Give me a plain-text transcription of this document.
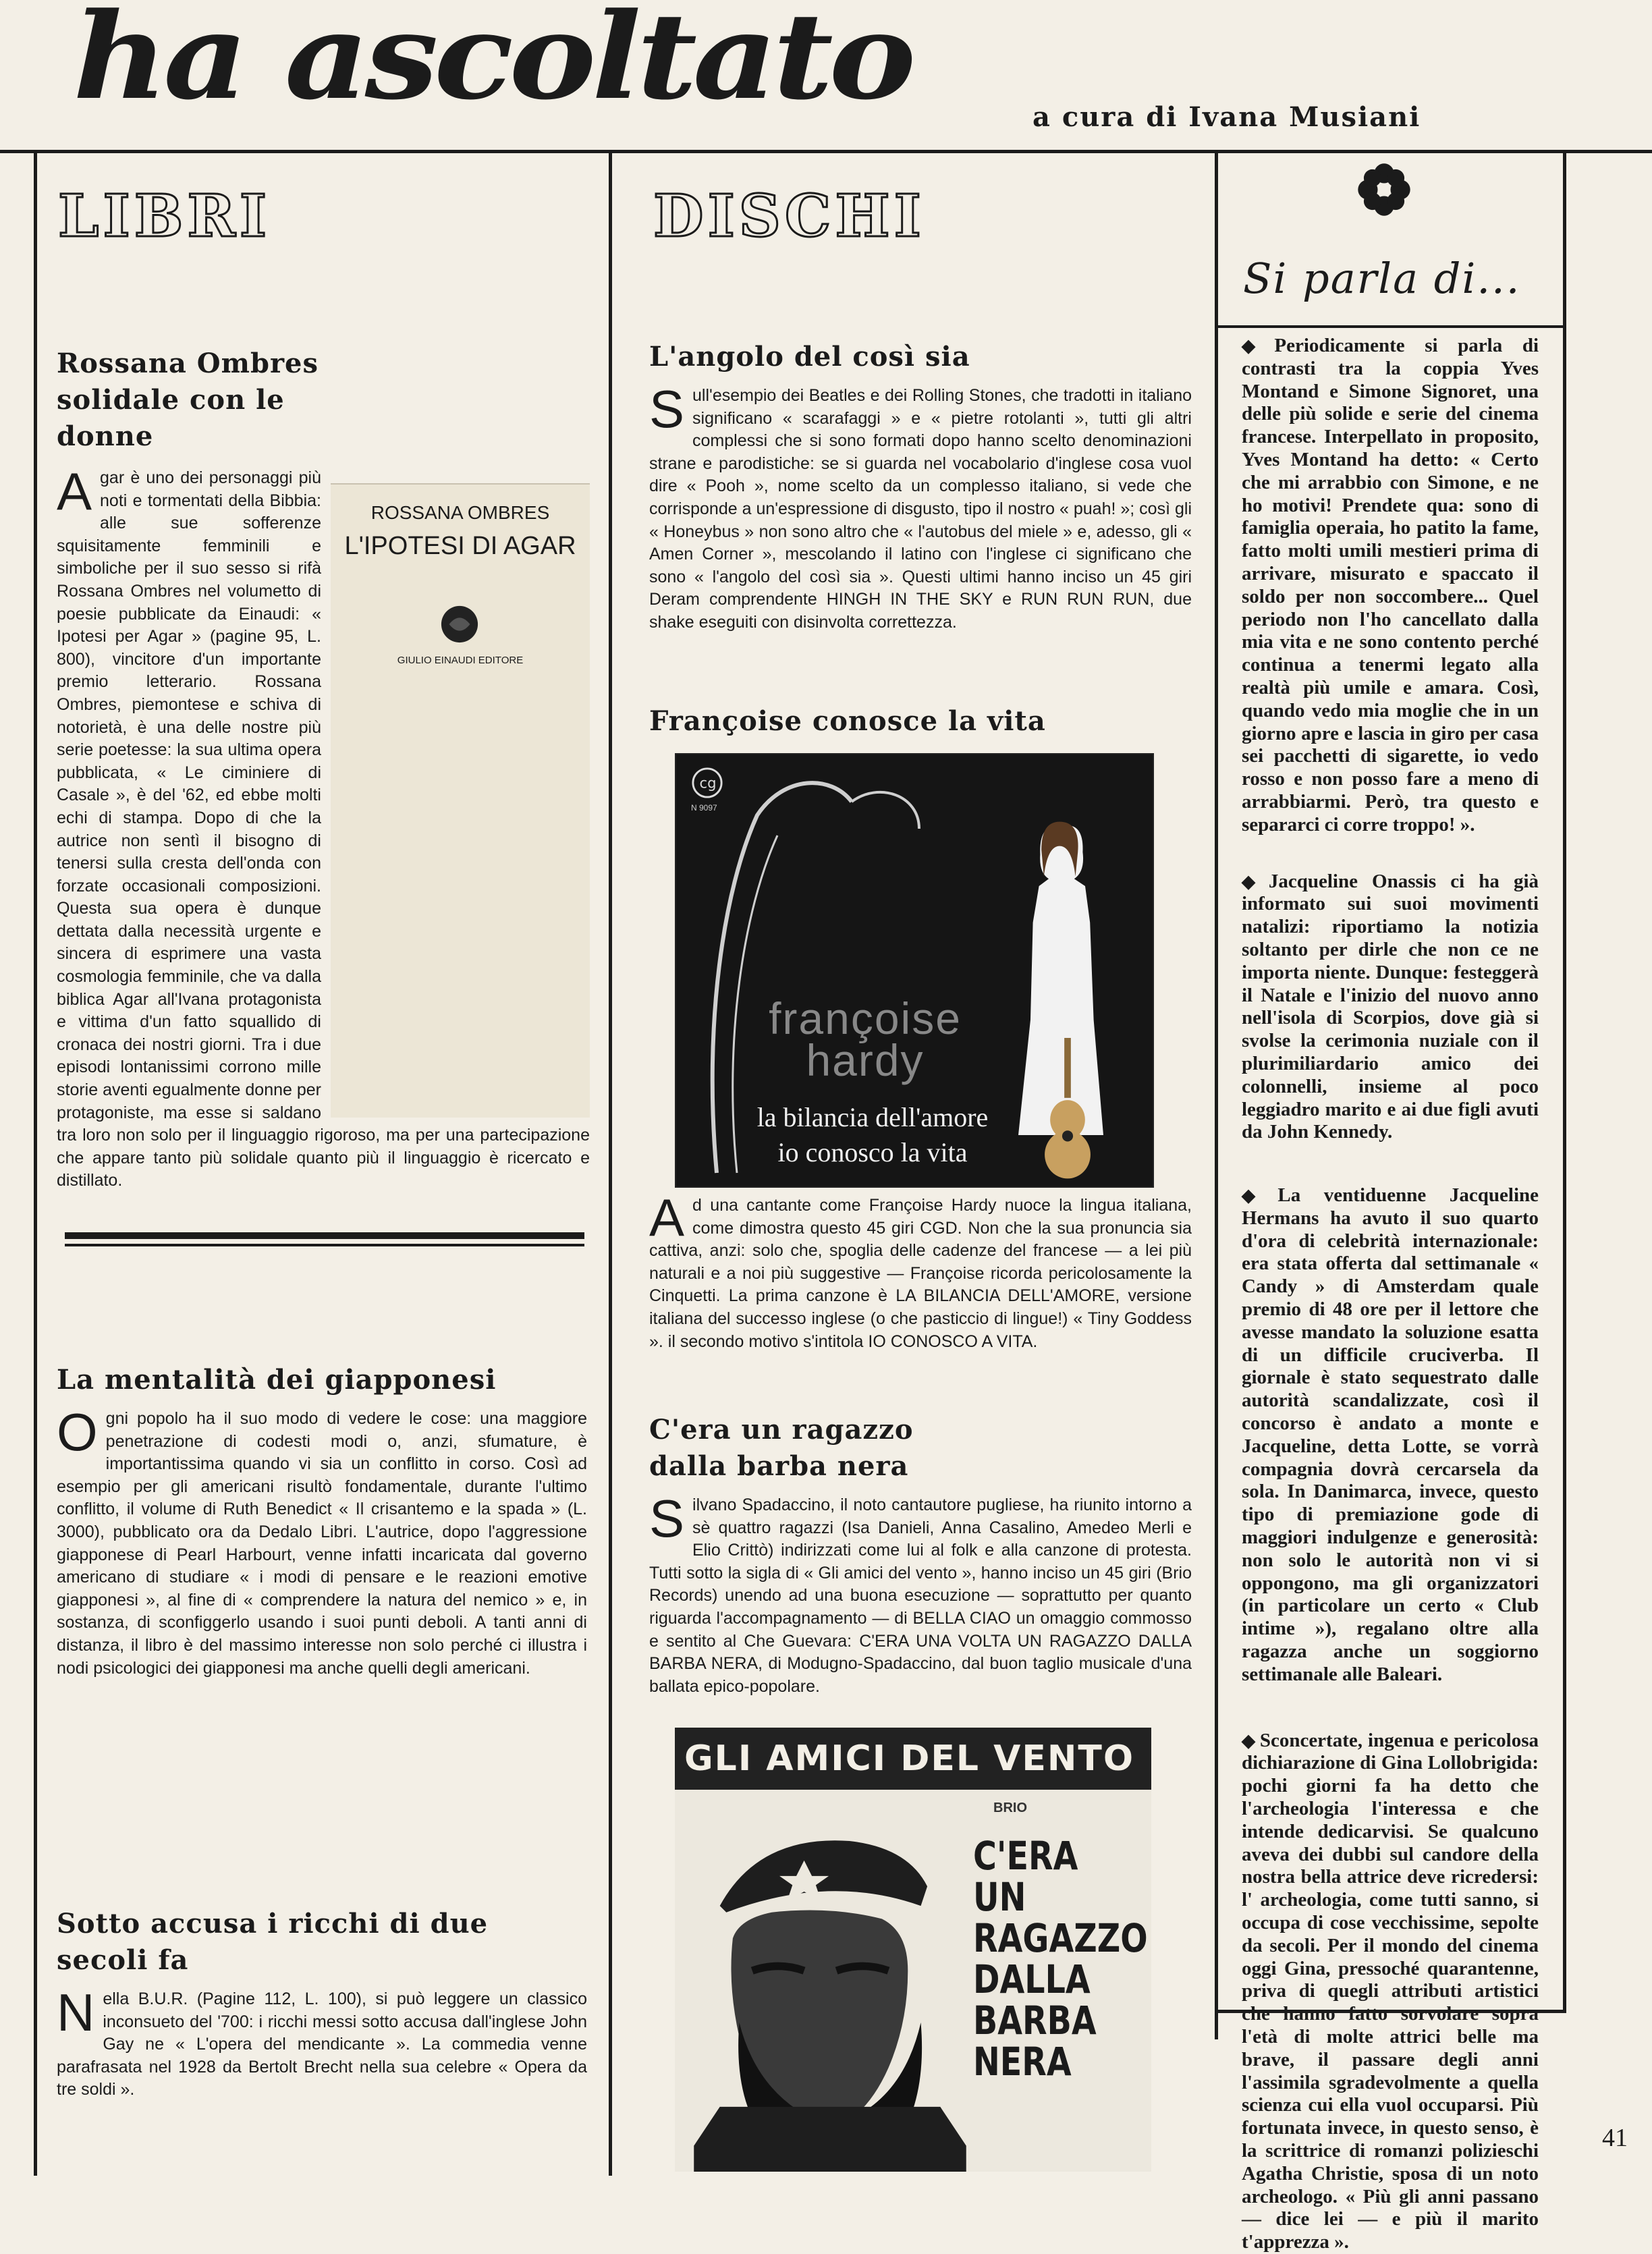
ha ascoltato	a cura di Ivana Musiani
LIBRI	DISCHI
Si parla di...
Rossana Ombres solidale con le donne
ROSSANA OMBRES
L'IPOTESI DI AGAR
GIULIO EINAUDI EDITORE
A gar è uno dei personaggi più noti e tormentati della Bibbia: alle sue sofferenze squisitamente femminili e simboliche per il suo sesso si rifà Rossana Ombres nel volumetto di poesie pubblicate da Einaudi: « Ipotesi per Agar » (pagine 95, L. 800), vincitore d'un importante premio letterario. Rossana Ombres, piemontese e schiva di notorietà, è una delle nostre più serie poetesse: la sua ultima opera pubblicata, « Le ciminiere di Casale », è del '62, ed ebbe molti echi di stampa. Dopo di che la autrice non sentì il bisogno di tenersi sulla cresta dell'onda con forzate occasionali composizioni. Questa sua opera è dunque dettata dalla necessità urgente e sincera di esprimere una vasta cosmologia femminile, che va dalla biblica Agar all'Ivana protagonista e vittima d'un fatto squallido di cronaca dei nostri giorni. Tra i due episodi lontanissimi corrono mille storie aventi egualmente donne per protagoniste, ma esse si saldano tra loro non solo per il linguaggio rigoroso, ma per una partecipazione che appare tanto più solidale quanto più il linguaggio è ricercato e distillato.

La mentalità dei giapponesi
O gni popolo ha il suo modo di vedere le cose: una maggiore penetrazione di codesti modi o, anzi, sfumature, è importantissima quando vi sia un conflitto in corso. Così ad esempio per gli americani risultò fondamentale, durante l'ultimo conflitto, il volume di Ruth Benedict « Il crisantemo e la spada » (L. 3000), pubblicato ora da Dedalo Libri. L'autrice, dopo l'aggressione giapponese di Pearl Harbourt, venne infatti incaricata dal governo americano di studiare « i modi di pensare e le reazioni emotive giapponesi », al fine di « comprendere la natura del nemico » e, in sostanza, di sconfiggerlo usando i suoi punti deboli. A tanti anni di distanza, il libro è del massimo interesse non solo perché ci illustra i nodi psicologici dei giapponesi ma anche quelli degli americani.

Sotto accusa i ricchi di due secoli fa
N ella B.U.R. (Pagine 112, L. 100), si può leggere un classico inconsueto del '700: i ricchi messi sotto accusa dall'inglese John Gay ne « L'opera del mendicante ». La commedia venne parafrasata nel 1928 da Bertolt Brecht nella sua celebre « Opera da tre soldi ».

L'angolo del così sia
S ull'esempio dei Beatles e dei Rolling Stones, che tradotti in italiano significano « scarafaggi » e « pietre rotolanti », tutti gli altri complessi che si sono formati dopo hanno scelto denominazioni strane e parodistiche: se si guarda nel vocabolario d'inglese cosa vuol dire « Pooh », nome scelto da un complesso italiano, si vede che corrisponde a un'espressione di disgusto, tipo il nostro « puah! »; così gli « Honeybus » non sono altro che « l'autobus del miele » e, adesso, gli « Amen Corner », mescolando il latino con l'inglese ci significano che sono « l'angolo del così sia ». Questi ultimi hanno inciso un 45 giri Deram comprendente HINGH IN THE SKY e RUN RUN RUN, due shake eseguiti con disinvolta correttezza.

Françoise conosce la vita
cg
N 9097
françoise hardy
la bilancia dell'amore
io conosco la vita
A d una cantante come Françoise Hardy nuoce la lingua italiana, come dimostra questo 45 giri CGD. Non che la sua pronuncia sia cattiva, anzi: solo che, spoglia delle cadenze del francese — a lei più naturali e a noi più suggestive — Françoise ricorda pericolosamente la Cinquetti. La prima canzone è LA BILANCIA DELL'AMORE, versione italiana del successo inglese (o che pasticcio di lingue!) « Tiny Goddess ». il secondo motivo s'intitola IO CONOSCO A VITA.

C'era un ragazzo dalla barba nera
S ilvano Spadaccino, il noto cantautore pugliese, ha riunito intorno a sè quattro ragazzi (Isa Danieli, Anna Casalino, Amedeo Merli e Elio Crittò) indirizzati come lui al folk e alla canzone di protesta. Tutti sotto la sigla di « Gli amici del vento », hanno inciso un 45 giri (Brio Records) unendo ad una buona esecuzione — soprattutto per quanto riguarda l'accompagnamento — di BELLA CIAO un omaggio commosso e sentito al Che Guevara: C'ERA UNA VOLTA UN RAGAZZO DALLA BARBA NERA, di Modugno-Spadaccino, dal buon taglio musicale d'una ballata epico-popolare.

GLI AMICI DEL VENTO
BRIO
C'ERA
UN
RAGAZZO
DALLA
BARBA
NERA

◆ Periodicamente si parla di contrasti tra la coppia Yves Montand e Simone Signoret, una delle più solide e serie del cinema francese. Interpellato in proposito, Yves Montand ha detto: « Certo che mi arrabbio con Simone, e ne ho motivi! Prendete qua: sono di famiglia operaia, ho patito la fame, fatto molti umili mestieri prima di arrivare, misurato e spaccato il soldo per non soccombere... Quel periodo non l'ho cancellato dalla mia vita e ne sono contento perché continua a tenermi legato alla realtà più umile e amara. Così, quando vedo mia moglie che in un giorno apre e lascia in giro per casa sei pacchetti di sigarette, io vedo rosso e non posso fare a meno di arrabbiarmi. Però, tra questo e separarci ci corre troppo! ».

◆ Jacqueline Onassis ci ha già informato sui suoi movimenti natalizi: riportiamo la notizia soltanto per dirle che non ce ne importa niente. Dunque: festeggerà il Natale e l'inizio del nuovo anno nell'isola di Scorpios, dove già si svolse la cerimonia nuziale con il plurimiliardario amico dei colonnelli, insieme al poco leggiadro marito e ai due figli avuti da John Kennedy.

◆ La ventiduenne Jacqueline Hermans ha avuto il suo quarto d'ora di celebrità internazionale: era stata offerta dal settimanale « Candy » di Amsterdam quale premio di 48 ore per il lettore che avesse mandato la soluzione esatta di un difficile cruciverba. Il giornale è stato sequestrato dalle autorità scandalizzate, così il concorso è andato a monte e Jacqueline, detta Lotte, se vorrà compagnia dovrà cercarsela da sola. In Danimarca, invece, questo tipo di premiazione gode di maggiori indulgenze e generosità: non solo le autorità non vi si oppongono, ma gli organizzatori (in particolare un certo « Club intime »), regalano oltre alla ragazza anche un soggiorno settimanale alle Baleari.

◆ Sconcertate, ingenua e pericolosa dichiarazione di Gina Lollobrigida: pochi giorni fa ha detto che l'archeologia l'interessa e che intende dedicarvisi. Se qualcuno aveva dei dubbi sul candore della nostra bella attrice deve ricredersi: l' archeologia, come tutti sanno, si occupa di cose vecchissime, sepolte da secoli. Per il mondo del cinema oggi Gina, pressoché quarantenne, priva di quegli attributi artistici che hanno fatto sorvolare sopra l'età di molte attrici belle ma brave, il passare degli anni l'assimila sgradevolmente a quella scienza cui ella vuol occuparsi. Più fortunata invece, in questo senso, è la scrittrice di romanzi polizieschi Agatha Christie, sposa di un noto archeologo. « Più gli anni passano — dice lei — e più il marito t'apprezza ».

41
